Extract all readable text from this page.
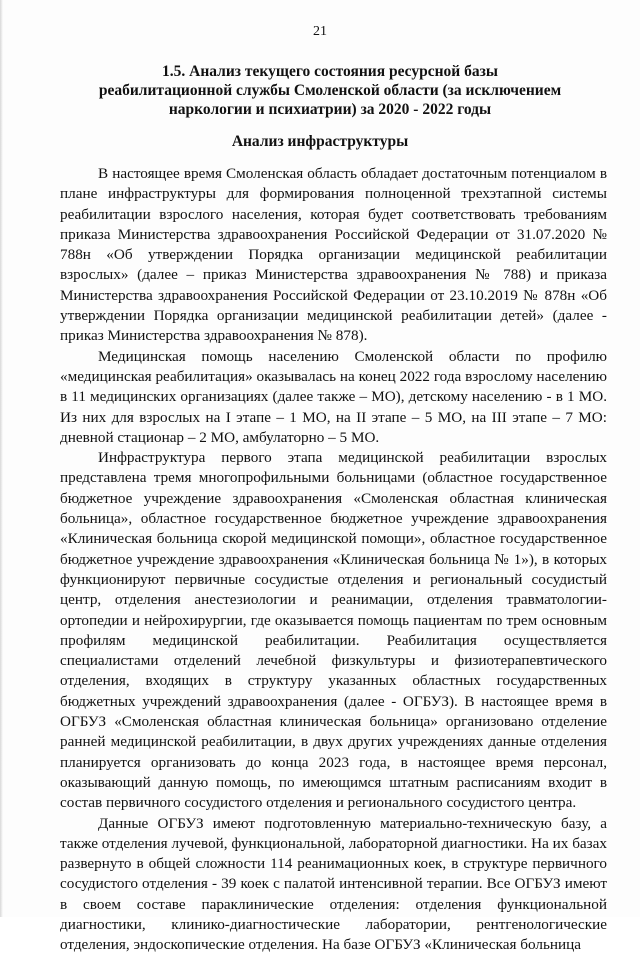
21
1.5. Анализ текущего состояния ресурсной базы
реабилитационной службы Смоленской области (за исключением
наркологии и психиатрии) за 2020 - 2022 годы
Анализ инфраструктуры

В настоящее время Смоленская область обладает достаточным потенциалом в плане инфраструктуры для формирования полноценной трехэтапной системы реабилитации взрослого населения, которая будет соответствовать требованиям приказа Министерства здравоохранения Российской Федерации от 31.07.2020 № 788н «Об утверждении Порядка организации медицинской реабилитации взрослых» (далее – приказ Министерства здравоохранения № 788) и приказа Министерства здравоохранения Российской Федерации от 23.10.2019 № 878н «Об утверждении Порядка организации медицинской реабилитации детей» (далее - приказ Министерства здравоохранения № 878).

Медицинская помощь населению Смоленской области по профилю «медицинская реабилитация» оказывалась на конец 2022 года взрослому населению в 11 медицинских организациях (далее также – МО), детскому населению - в 1 МО. Из них для взрослых на I этапе – 1 МО, на II этапе – 5 МО, на III этапе – 7 МО: дневной стационар – 2 МО, амбулаторно – 5 МО.

Инфраструктура первого этапа медицинской реабилитации взрослых представлена тремя многопрофильными больницами (областное государственное бюджетное учреждение здравоохранения «Смоленская областная клиническая больница», областное государственное бюджетное учреждение здравоохранения «Клиническая больница скорой медицинской помощи», областное государственное бюджетное учреждение здравоохранения «Клиническая больница № 1»), в которых функционируют первичные сосудистые отделения и региональный сосудистый центр, отделения анестезиологии и реанимации, отделения травматологии-ортопедии и нейрохирургии, где оказывается помощь пациентам по трем основным профилям медицинской реабилитации. Реабилитация осуществляется специалистами отделений лечебной физкультуры и физиотерапевтического отделения, входящих в структуру указанных областных государственных бюджетных учреждений здравоохранения (далее - ОГБУЗ). В настоящее время в ОГБУЗ «Смоленская областная клиническая больница» организовано отделение ранней медицинской реабилитации, в двух других учреждениях данные отделения планируется организовать до конца 2023 года, в настоящее время персонал, оказывающий данную помощь, по имеющимся штатным расписаниям входит в состав первичного сосудистого отделения и регионального сосудистого центра.

Данные ОГБУЗ имеют подготовленную материально-техническую базу, а также отделения лучевой, функциональной, лабораторной диагностики. На их базах развернуто в общей сложности 114 реанимационных коек, в структуре первичного сосудистого отделения - 39 коек с палатой интенсивной терапии. Все ОГБУЗ имеют в своем составе параклинические отделения: отделения функциональной диагностики, клинико-диагностические лаборатории, рентгенологические отделения, эндоскопические отделения. На базе ОГБУЗ «Клиническая больница
